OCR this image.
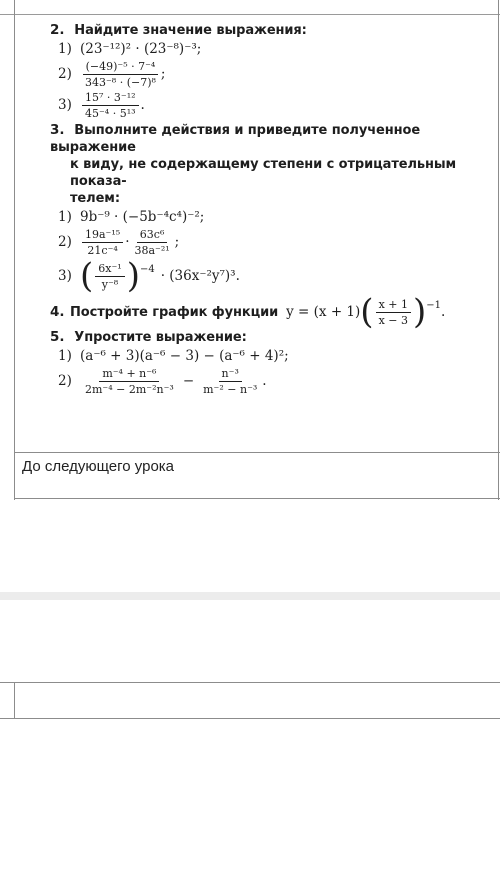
2. Найдите значение выражения:
1) (23⁻¹²)² · (23⁻⁸)⁻³;
$2) \frac{\text{(−49)⁻⁵ · 7⁻⁴}}{\text{343⁻⁸ · (−7)⁸}}$ ;
$3) \frac{\text{15⁷ · 3⁻¹²}}{\text{45⁻⁴ · 5¹³}}$ .
3. Выполните действия и приведите полученное выражение
к виду, не содержащему степени с отрицательным показа-
телем:
1) 9b⁻⁹ · (−5b⁻⁴c⁴)⁻²;
$2) \frac{\text{19a⁻¹⁵}}{\text{21c⁻⁴}} \cdot \frac{\text{63c⁶}}{\text{38a⁻²¹}}$ ;
3) ( $\frac{\text{6x⁻¹}}{\text{y⁻⁸}} )^{-4} \cdot (36x^{-2}y^7)^3$.
4. Постройте график функции y = (x + 1) ( $\frac{x + 1}{x - 3} )^{-1}$ .
5. Упростите выражение:
1) (a⁻⁶ + 3)(a⁻⁶ − 3) − (a⁻⁶ + 4)²;
$2) \frac{\text{m⁻⁴ + n⁻⁶}}{\text{2m⁻⁴ − 2m⁻²n⁻³}} - \frac{\text{n⁻³}}{\text{m⁻² − n⁻³}}$ .
До следующего урока
